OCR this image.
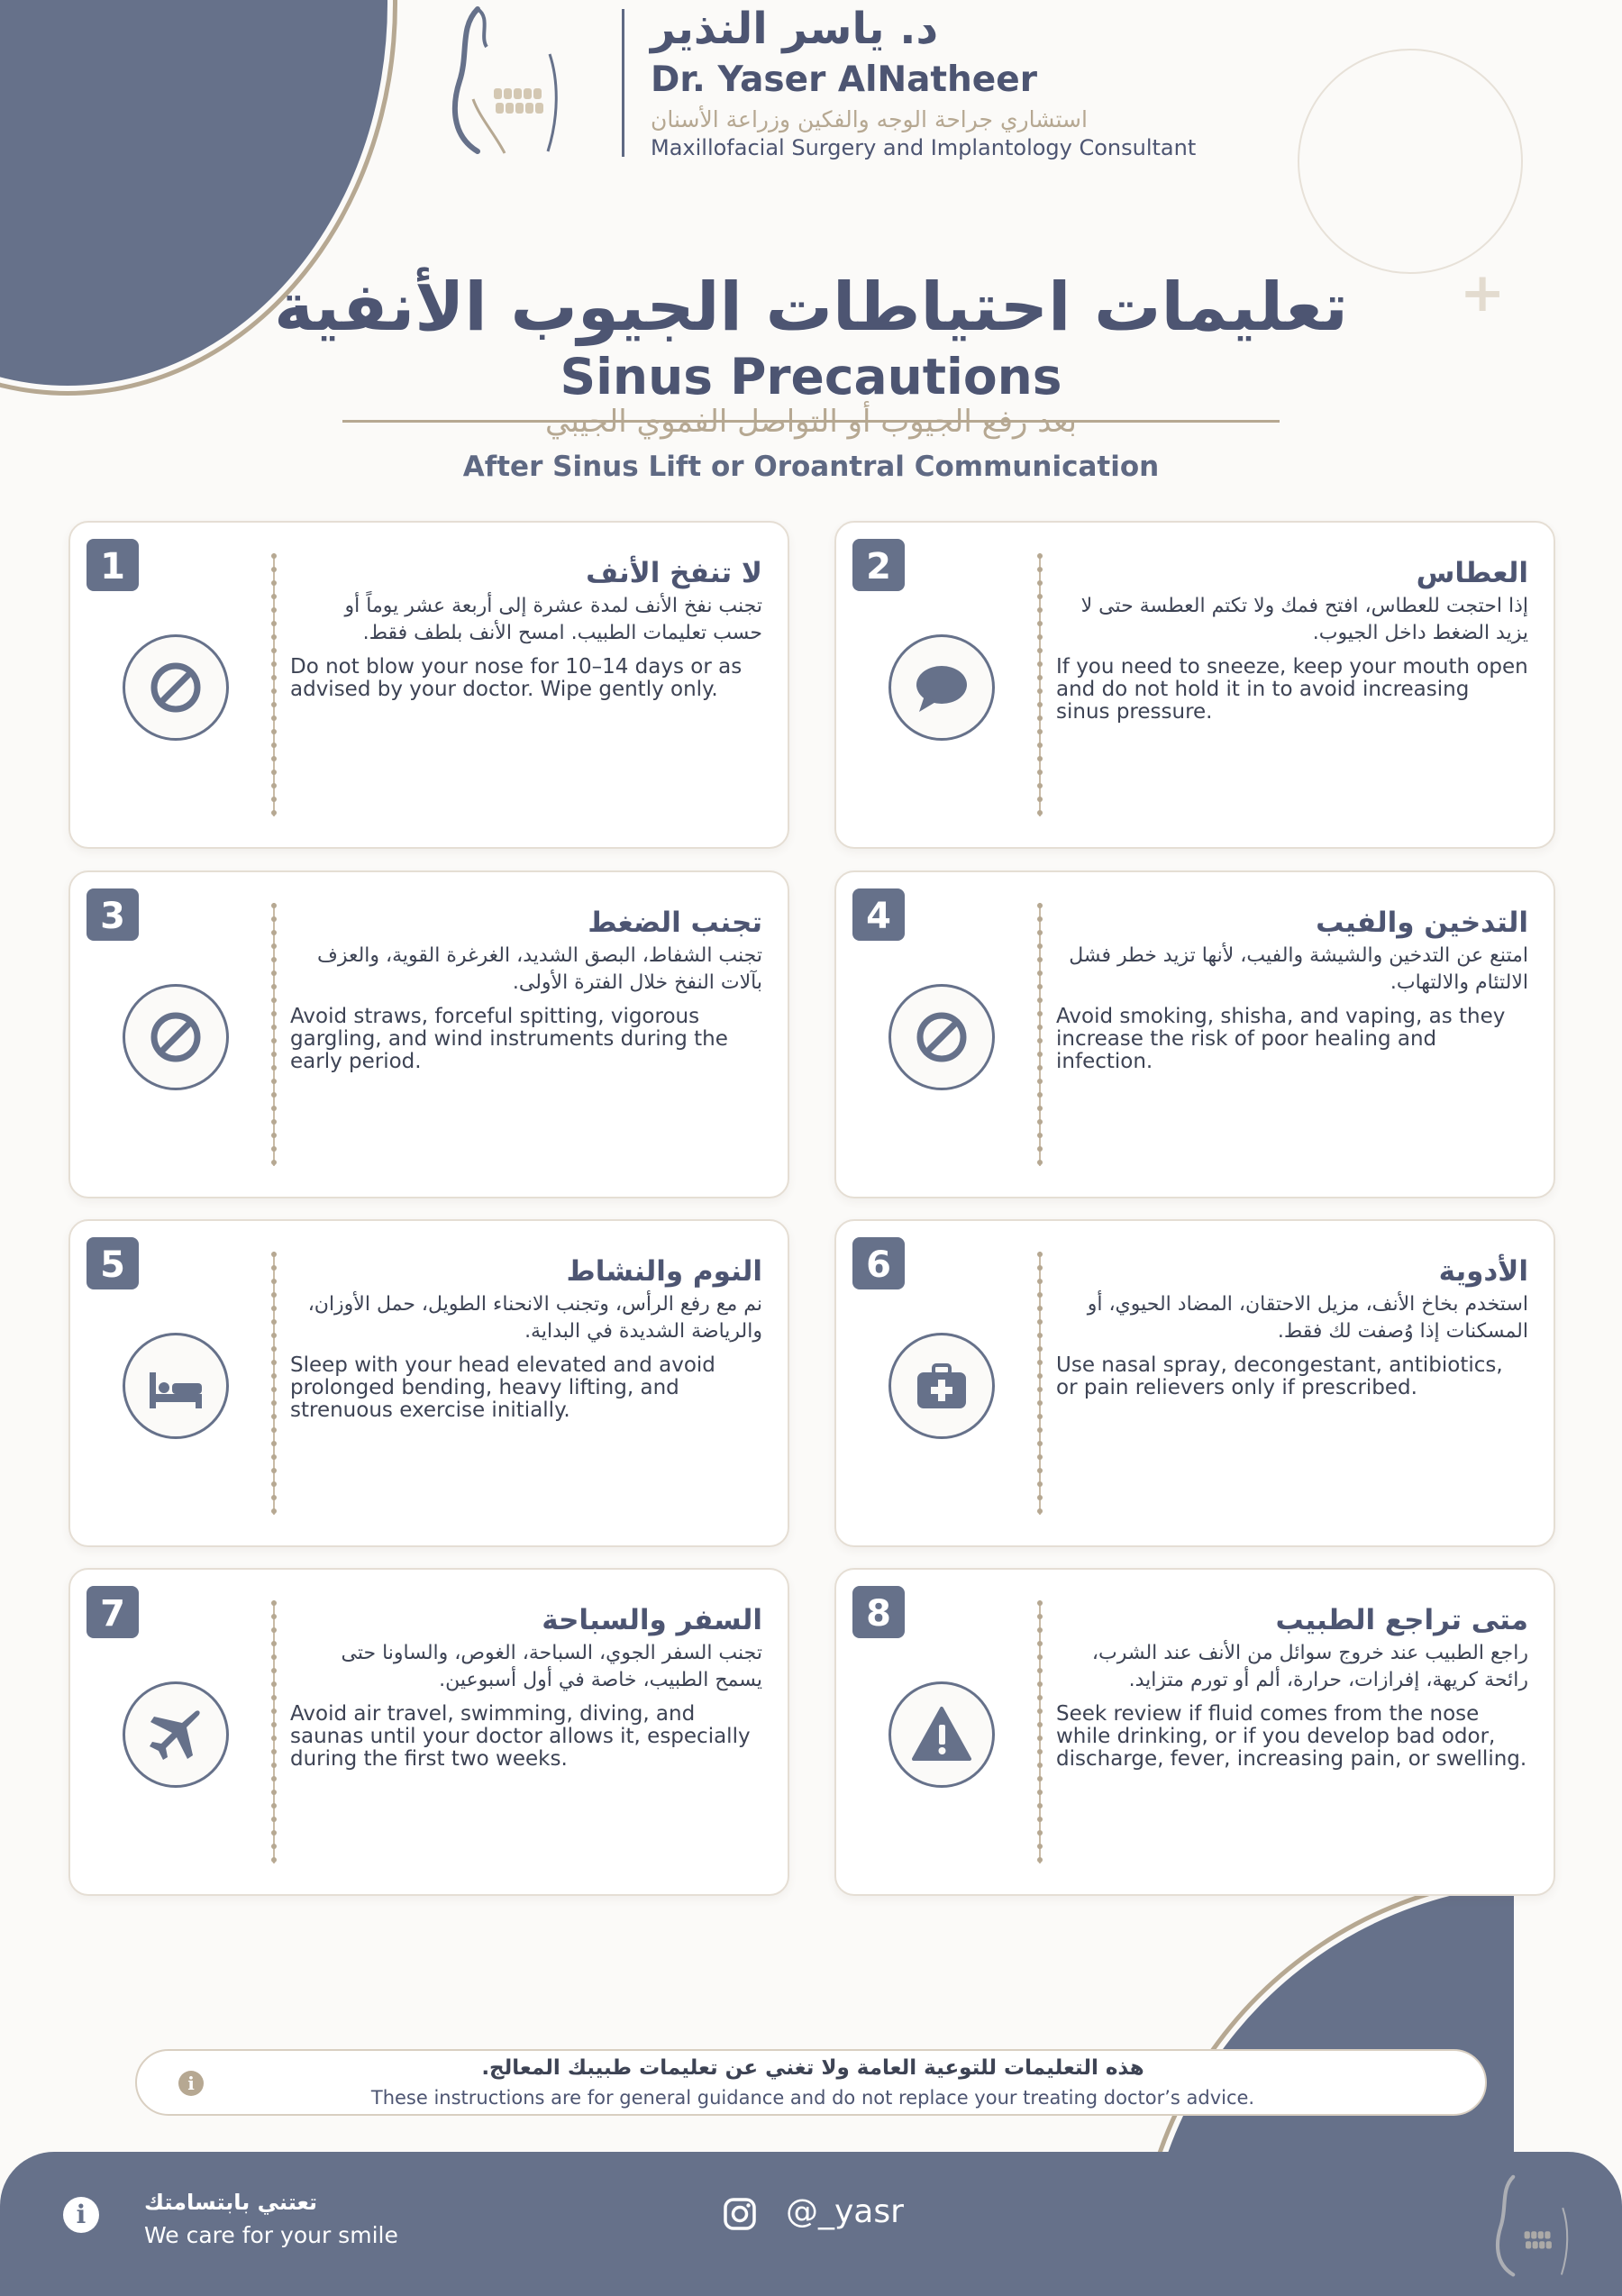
+
د. ياسر النذير
Dr. Yaser AlNatheer
استشاري جراحة الوجه والفكين وزراعة الأسنان
Maxillofacial Surgery and Implantology Consultant
تعليمات احتياطات الجيوب الأنفية
Sinus Precautions
بعد رفع الجيوب أو التواصل الفموي الجيبي
After Sinus Lift or Oroantral Communication
1	لا تنفخ الأنف
تجنب نفخ الأنف لمدة عشرة إلى أربعة عشر يوماً أو حسب تعليمات الطبيب. امسح الأنف بلطف فقط.
Do not blow your nose for 10–14 days or as advised by your doctor. Wipe gently only.
2	العطاس
إذا احتجت للعطاس، افتح فمك ولا تكتم العطسة حتى لا يزيد الضغط داخل الجيوب.
If you need to sneeze, keep your mouth open and do not hold it in to avoid increasing sinus pressure.
3	تجنب الضغط
تجنب الشفاط، البصق الشديد، الغرغرة القوية، والعزف بآلات النفخ خلال الفترة الأولى.
Avoid straws, forceful spitting, vigorous gargling, and wind instruments during the early period.
4	التدخين والفيب
امتنع عن التدخين والشيشة والفيب، لأنها تزيد خطر فشل الالتئام والالتهاب.
Avoid smoking, shisha, and vaping, as they increase the risk of poor healing and infection.
5	النوم والنشاط
نم مع رفع الرأس، وتجنب الانحناء الطويل، حمل الأوزان، والرياضة الشديدة في البداية.
Sleep with your head elevated and avoid prolonged bending, heavy lifting, and strenuous exercise initially.
6	الأدوية
استخدم بخاخ الأنف، مزيل الاحتقان، المضاد الحيوي، أو المسكنات إذا وُصفت لك فقط.
Use nasal spray, decongestant, antibiotics, or pain relievers only if prescribed.
7	السفر والسباحة
تجنب السفر الجوي، السباحة، الغوص، والساونا حتى يسمح الطبيب، خاصة في أول أسبوعين.
Avoid air travel, swimming, diving, and saunas until your doctor allows it, especially during the first two weeks.
8	متى تراجع الطبيب
راجع الطبيب عند خروج سوائل من الأنف عند الشرب، رائحة كريهة، إفرازات، حرارة، ألم أو تورم متزايد.
Seek review if fluid comes from the nose while drinking, or if you develop bad odor, discharge, fever, increasing pain, or swelling.
i
هذه التعليمات للتوعية العامة ولا تغني عن تعليمات طبيبك المعالج.
These instructions are for general guidance and do not replace your treating doctor’s advice.
i	تعتني بابتسامتك
We care for your smile
@_yasr
